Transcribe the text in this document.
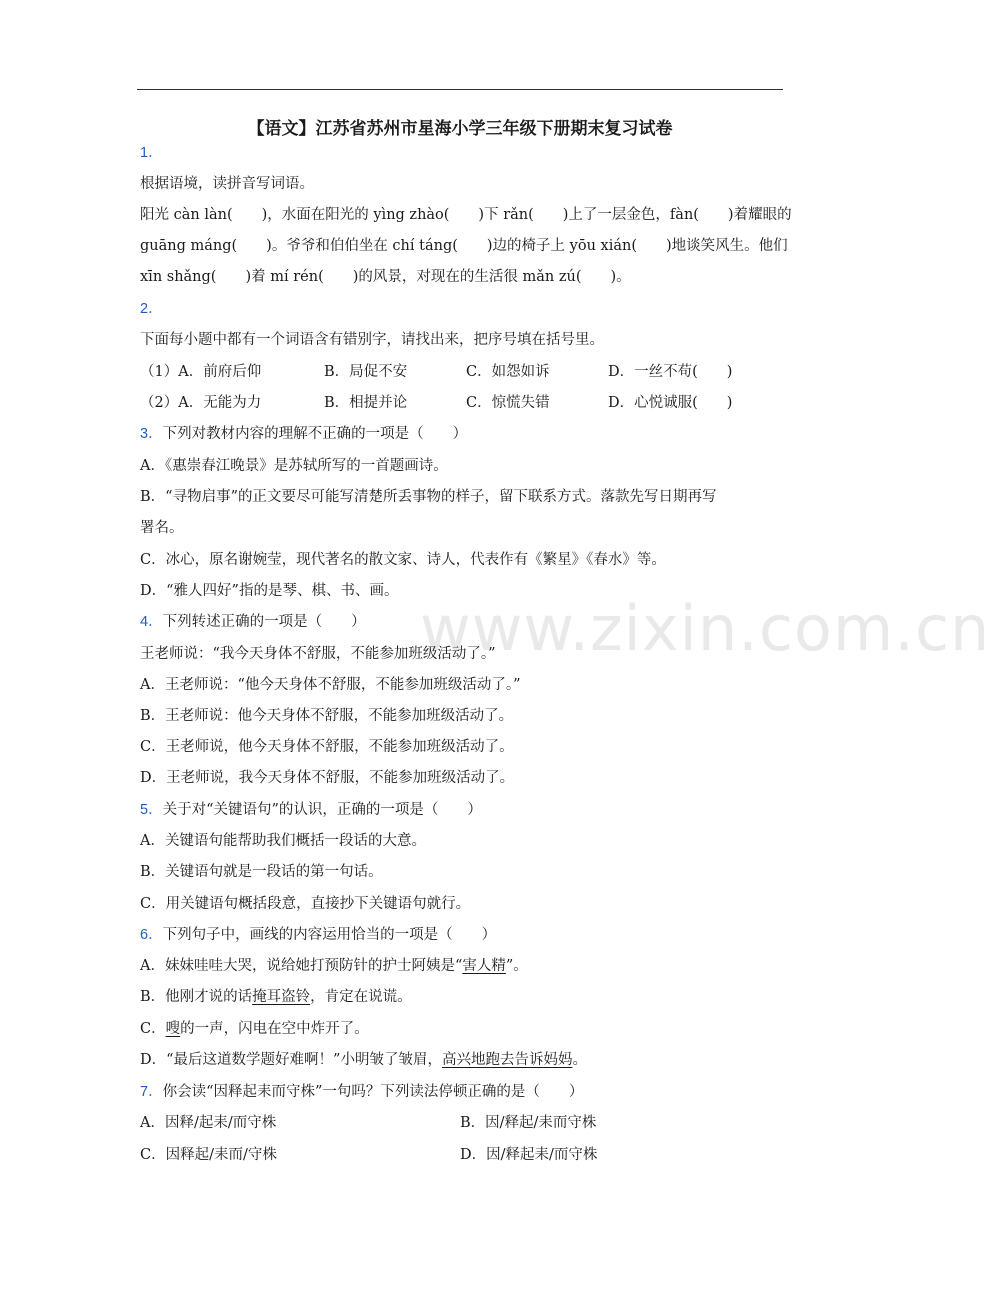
【语文】江苏省苏州市星海小学三年级下册期末复习试卷
www.zixin.com.cn
1．
根据语境，读拼音写词语。
阳光 càn làn(　　)，水面在阳光的 yìng zhào(　　)下 rǎn(　　)上了一层金色，fàn(　　)着耀眼的
guāng máng(　　)。爷爷和伯伯坐在 chí táng(　　)边的椅子上 yōu xián(　　)地谈笑风生。他们
xīn shǎng(　　)着 mí rén(　　)的风景，对现在的生活很 mǎn zú(　　)。
2．
下面每小题中都有一个词语含有错别字，请找出来，把序号填在括号里。
（1）A．前府后仰	B．局促不安	C．如怨如诉	D．一丝不苟(　　)
（2）A．无能为力	B．相提并论	C．惊慌失错	D．心悦诚服(　　)
3．下列对教材内容的理解不正确的一项是（　　）
A．《惠崇春江晚景》是苏轼所写的一首题画诗。
B．“寻物启事”的正文要尽可能写清楚所丢事物的样子，留下联系方式。落款先写日期再写
署名。
C．冰心，原名谢婉莹，现代著名的散文家、诗人，代表作有《繁星》《春水》等。
D．“雅人四好”指的是琴、棋、书、画。
4．下列转述正确的一项是（　　）
王老师说：“我今天身体不舒服，不能参加班级活动了。”
A．王老师说：“他今天身体不舒服，不能参加班级活动了。”
B．王老师说：他今天身体不舒服，不能参加班级活动了。
C．王老师说，他今天身体不舒服，不能参加班级活动了。
D．王老师说，我今天身体不舒服，不能参加班级活动了。
5．关于对“关键语句”的认识，正确的一项是（　　）
A．关键语句能帮助我们概括一段话的大意。
B．关键语句就是一段话的第一句话。
C．用关键语句概括段意，直接抄下关键语句就行。
6．下列句子中，画线的内容运用恰当的一项是（　　）
A．妹妹哇哇大哭，说给她打预防针的护士阿姨是“害人精”。
B．他刚才说的话掩耳盗铃，肯定在说谎。
C．嗖的一声，闪电在空中炸开了。
D．“最后这道数学题好难啊！”小明皱了皱眉，高兴地跑去告诉妈妈。
7．你会读“因释起耒而守株”一句吗？下列读法停顿正确的是（　　）
A．因释/起耒/而守株	B．因/释起/耒而守株
C．因释起/耒而/守株	D．因/释起耒/而守株
